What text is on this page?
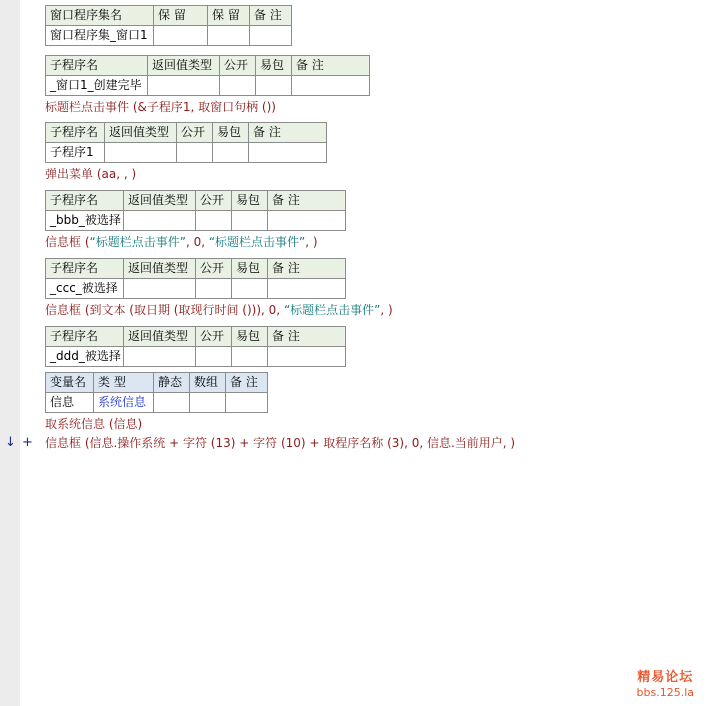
窗口程序集名	保 留	保 留	备 注
窗口程序集_窗口1			
子程序名	返回值类型	公开	易包	备 注
_窗口1_创建完毕				
标题栏点击事件 (&子程序1, 取窗口句柄 ())
子程序名	返回值类型	公开	易包	备 注
子程序1				
弹出菜单 (aa, , )
子程序名	返回值类型	公开	易包	备 注
_bbb_被选择				
信息框 (“标题栏点击事件”, 0, “标题栏点击事件”, )
子程序名	返回值类型	公开	易包	备 注
_ccc_被选择				
信息框 (到文本 (取日期 (取现行时间 ())), 0, “标题栏点击事件”, )
子程序名	返回值类型	公开	易包	备 注
_ddd_被选择				
变量名	类 型	静态	数组	备 注
信息	系统信息			
取系统信息 (信息)
↓ + 信息框 (信息.操作系统 + 字符 (13) + 字符 (10) + 取程序名称 (3), 0, 信息.当前用户, )
精易论坛
bbs.125.la
